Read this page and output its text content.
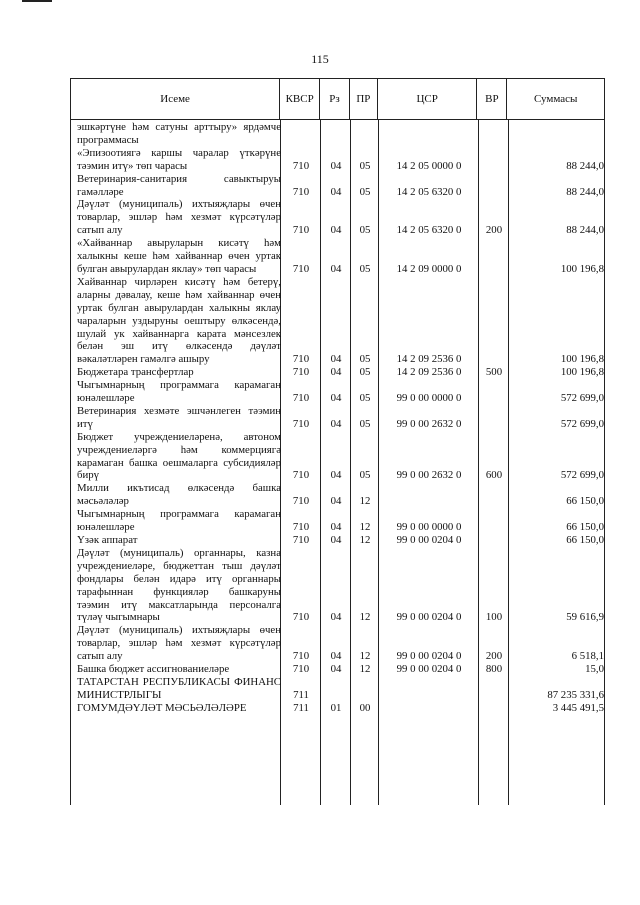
115
Исеме	КВСР	Рз	ПР	ЦСР	ВР	Суммасы
эшкәртүне һәм сатуны арттыру» ярдәмче программасы
«Эпизоотиягә каршы чаралар үткәрүне тәэмин итү» төп чарасы	710	04	05	14 2 05 0000 0	88 244,0
Ветеринария-санитария савыктыруы гамәлләре	710	04	05	14 2 05 6320 0	88 244,0
Дәүләт (муниципаль) ихтыяҗлары өчен товарлар, эшләр һәм хезмәт күрсәтүләр сатып алу	710	04	05	14 2 05 6320 0	200	88 244,0
«Хайваннар авыруларын кисәтү һәм халыкны кеше һәм хайваннар өчен уртак булган авырулардан яклау» төп чарасы	710	04	05	14 2 09 0000 0	100 196,8
Хайваннар чирләрен кисәтү һәм бетерү, аларны дәвалау, кеше һәм хайваннар өчен уртак булган авырулардан халыкны яклау чараларын уздыруны оештыру өлкәсендә, шулай ук хайваннарга карата мәнсезлек белән эш итү өлкәсендә дәүләт вәкаләтләрен гамәлгә ашыру	710	04	05	14 2 09 2536 0	100 196,8
Бюджетара трансфертлар	710	04	05	14 2 09 2536 0	500	100 196,8
Чыгымнарның программага карамаган юнәлешләре	710	04	05	99 0 00 0000 0	572 699,0
Ветеринария хезмәте эшчәнлеген тәэмин итү	710	04	05	99 0 00 2632 0	572 699,0
Бюджет учреждениеләренә, автоном учреждениеләргә һәм коммерциягә карамаган башка оешмаларга субсидияләр бирү	710	04	05	99 0 00 2632 0	600	572 699,0
Милли икътисад өлкәсендә башка мәсьәләләр	710	04	12	66 150,0
Чыгымнарның программага карамаган юнәлешләре	710	04	12	99 0 00 0000 0	66 150,0
Үзәк аппарат	710	04	12	99 0 00 0204 0	66 150,0
Дәүләт (муниципаль) органнары, казна учреждениеләре, бюджеттан тыш дәүләт фондлары белән идарә итү органнары тарафыннан функцияләр башкаруны тәэмин итү максатларында персоналга түләү чыгымнары	710	04	12	99 0 00 0204 0	100	59 616,9
Дәүләт (муниципаль) ихтыяҗлары өчен товарлар, эшләр һәм хезмәт күрсәтүләр сатып алу	710	04	12	99 0 00 0204 0	200	6 518,1
Башка бюджет ассигнованиеләре	710	04	12	99 0 00 0204 0	800	15,0
ТАТАРСТАН РЕСПУБЛИКАСЫ ФИНАНС МИНИСТРЛЫГЫ	711	87 235 331,6
ГОМУМДӘҮЛӘТ МӘСЬӘЛӘЛӘРЕ	711	01	00	3 445 491,5
